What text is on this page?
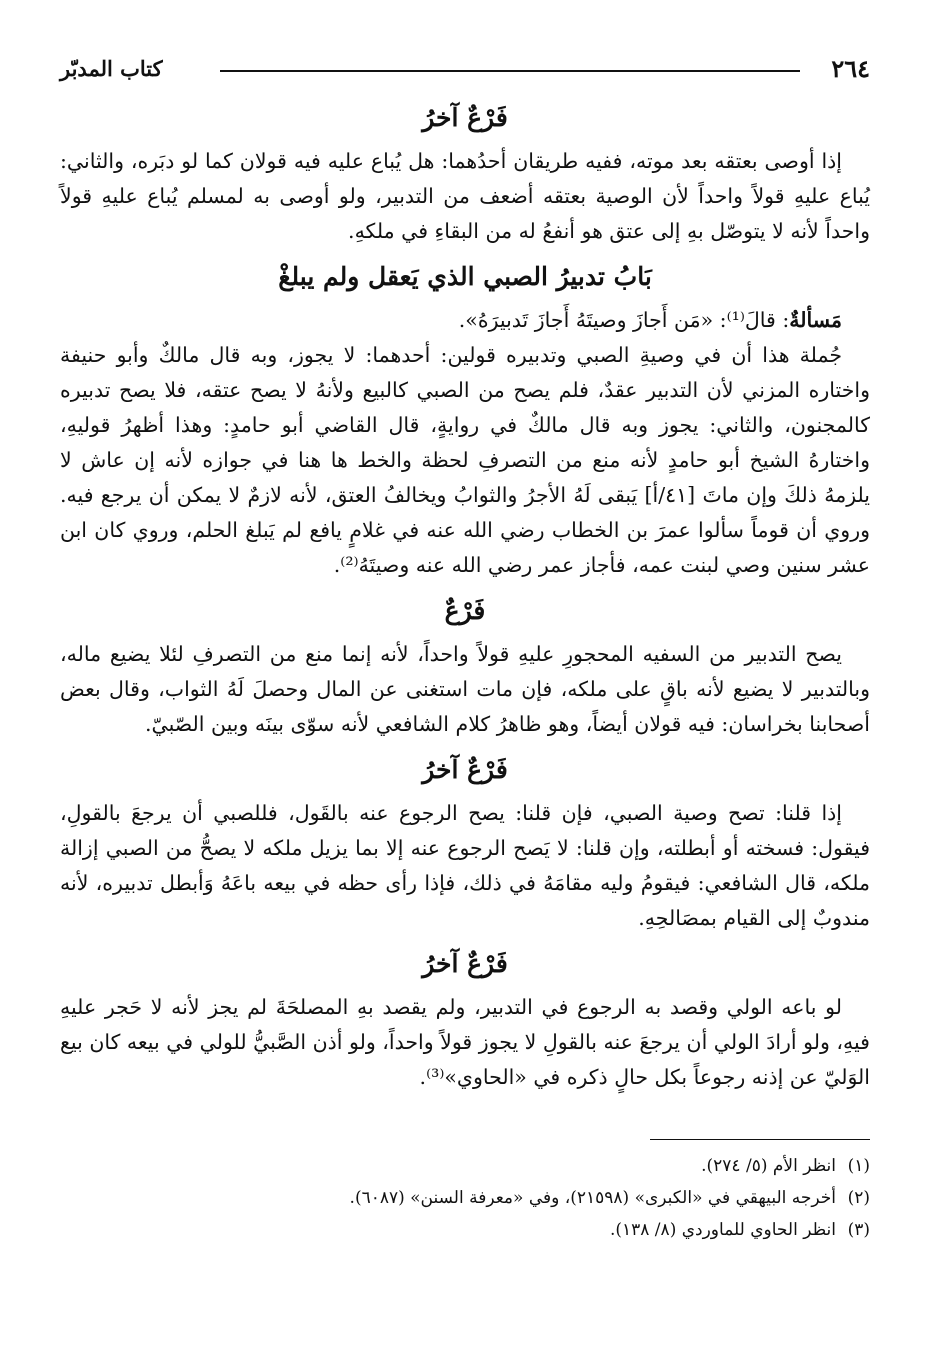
٢٦٤
كتاب المدبّر
فَرْعٌ آخرُ

إذا أوصى بعتقه بعد موته، ففيه طريقان أحدُهما: هل يُباع عليه فيه قولان كما لو دبَره، والثاني: يُباع عليهِ قولاً واحداً لأن الوصية بعتقه أضعف من التدبير، ولو أوصى به لمسلم يُباع عليهِ قولاً واحداً لأنه لا يتوصّل بهِ إلى عتق هو أنفعُ له من البقاءِ في ملكهِ.

بَابُ تدبيرُ الصبي الذي يَعقل ولم يبلغْ

مَسألةٌ: قالَ⁽¹⁾: «مَن أَجازَ وصيتَهُ أَجازَ تَدبيرَهُ».

جُملة هذا أن في وصيةِ الصبي وتدبيره قولين: أحدهما: لا يجوز، وبه قال مالكٌ وأبو حنيفة واختاره المزني لأن التدبير عقدٌ، فلم يصح من الصبي كالبيع ولأنهُ لا يصح عتقه، فلا يصح تدبيره كالمجنون، والثاني: يجوز وبه قال مالكٌ في روايةٍ، قال القاضي أبو حامدٍ: وهذا أظهرُ قوليهِ، واختارهُ الشيخ أبو حامدٍ لأنه منع من التصرفِ لحظة والخط ها هنا في جوازه لأنه إن عاش لا يلزمهُ ذلكَ وإن ماتَ [٤١/أ] يَبقى لَهُ الأجرُ والثوابُ ويخالفُ العتق، لأنه لازمٌ لا يمكن أن يرجع فيه. وروي أن قوماً سألوا عمرَ بن الخطاب رضي الله عنه في غلامٍ يافع لم يَبلغ الحلم، وروي كان ابن عشر سنين وصي لبنت عمه، فأجاز عمر رضي الله عنه وصيتَهُ⁽²⁾.

فَرْعٌ

يصح التدبير من السفيه المحجورِ عليهِ قولاً واحداً، لأنه إنما منع من التصرفِ لئلا يضيع ماله، وبالتدبير لا يضيع لأنه باقٍ على ملكه، فإن مات استغنى عن المال وحصلَ لَهُ الثواب، وقال بعض أصحابنا بخراسان: فيه قولان أيضاً، وهو ظاهرُ كلام الشافعي لأنه سوّى بينَه وبين الصّبيّ.

فَرْعٌ آخرُ

إذا قلنا: تصح وصية الصبي، فإن قلنا: يصح الرجوع عنه بالقَول، فللصبي أن يرجعَ بالقولِ، فيقول: فسخته أو أبطلته، وإن قلنا: لا يَصح الرجوع عنه إلا بما يزيل ملكه لا يصحُّ من الصبي إزالة ملكه، قال الشافعي: فيقومُ وليه مقامَهُ في ذلك، فإذا رأى حظه في بيعه باعَهُ وَأبطل تدبيره، لأنه مندوبٌ إلى القيام بمصَالحِهِ.

فَرْعٌ آخرُ

لو باعه الولي وقصد به الرجوع في التدبير، ولم يقصد بهِ المصلحَةَ لم يجز لأنه لا حَجر عليهِ فيهِ، ولو أرادَ الولي أن يرجعَ عنه بالقولِ لا يجوز قولاً واحداً، ولو أذن الصَّبيُّ للولي في بيعه كان بيع الوَليّ عن إذنه رجوعاً بكل حالٍ ذكره في «الحاوي»⁽³⁾.

(١)انظر الأم (٥/ ٢٧٤).

(٢)أخرجه البيهقي في «الكبرى» (٢١٥٩٨)، وفي «معرفة السنن» (٦٠٨٧).

(٣)انظر الحاوي للماوردي (٨/ ١٣٨).
